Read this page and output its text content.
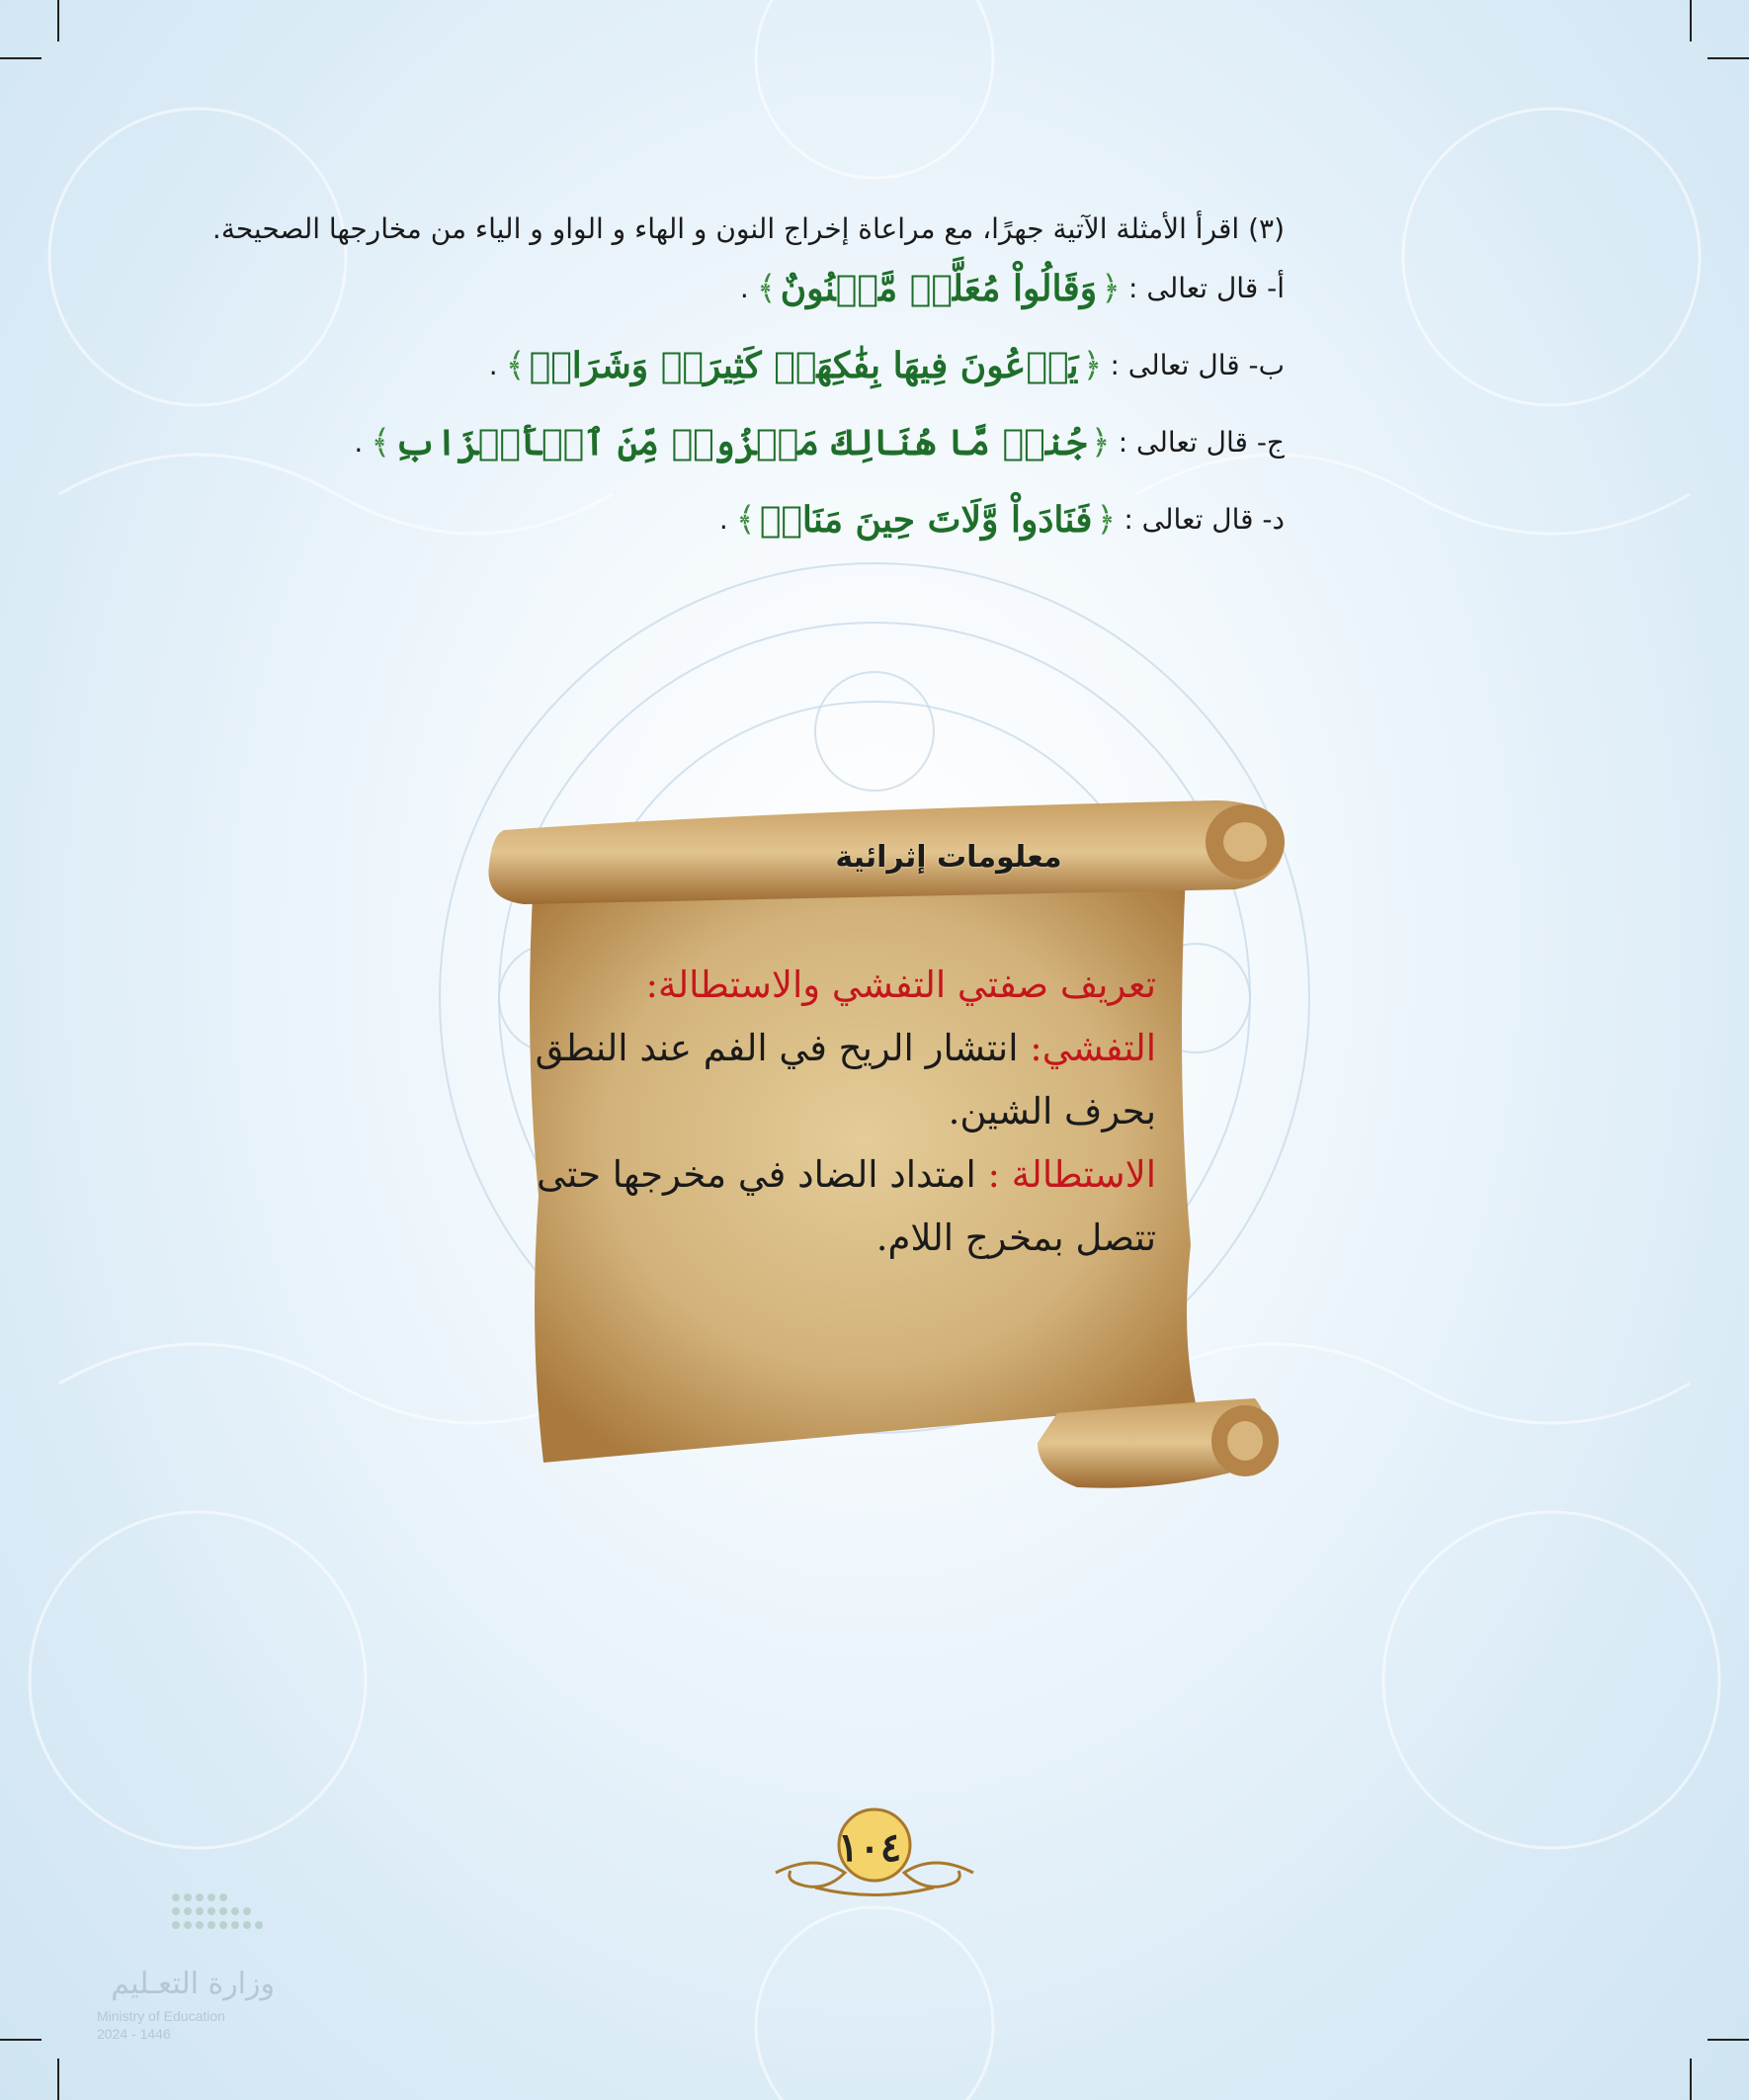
(٣) اقرأ الأمثلة الآتية جهرًا، مع مراعاة إخراج النون و الهاء و الواو و الياء من مخارجها الصحيحة.

أ- قال تعالى :
﴿
وَقَالُواْ مُعَلَّمٞ مَّجۡنُونٌ
﴾
.
ب- قال تعالى :
﴿
يَدۡعُونَ فِيهَا بِفَٰكِهَةٖ كَثِيرَةٖ وَشَرَابٖ
﴾
.
ج- قال تعالى :
﴿
جُندٞ مَّا هُنَالِكَ مَهۡزُومٞ مِّنَ ٱلۡأَحۡزَابِ
﴾
.
د- قال تعالى :
﴿
فَنَادَواْ وَّلَاتَ حِينَ مَنَاصٖ
﴾
.
معلومات إثرائية

تعريف صفتي التفشي والاستطالة:

التفشي: انتشار الريح في الفم عند النطق بحرف الشين.

الاستطالة : امتداد الضاد في مخرجها حتى تتصل بمخرج اللام.

١٠٤
وزارة التعـليم
Ministry of Education
2024 - 1446
